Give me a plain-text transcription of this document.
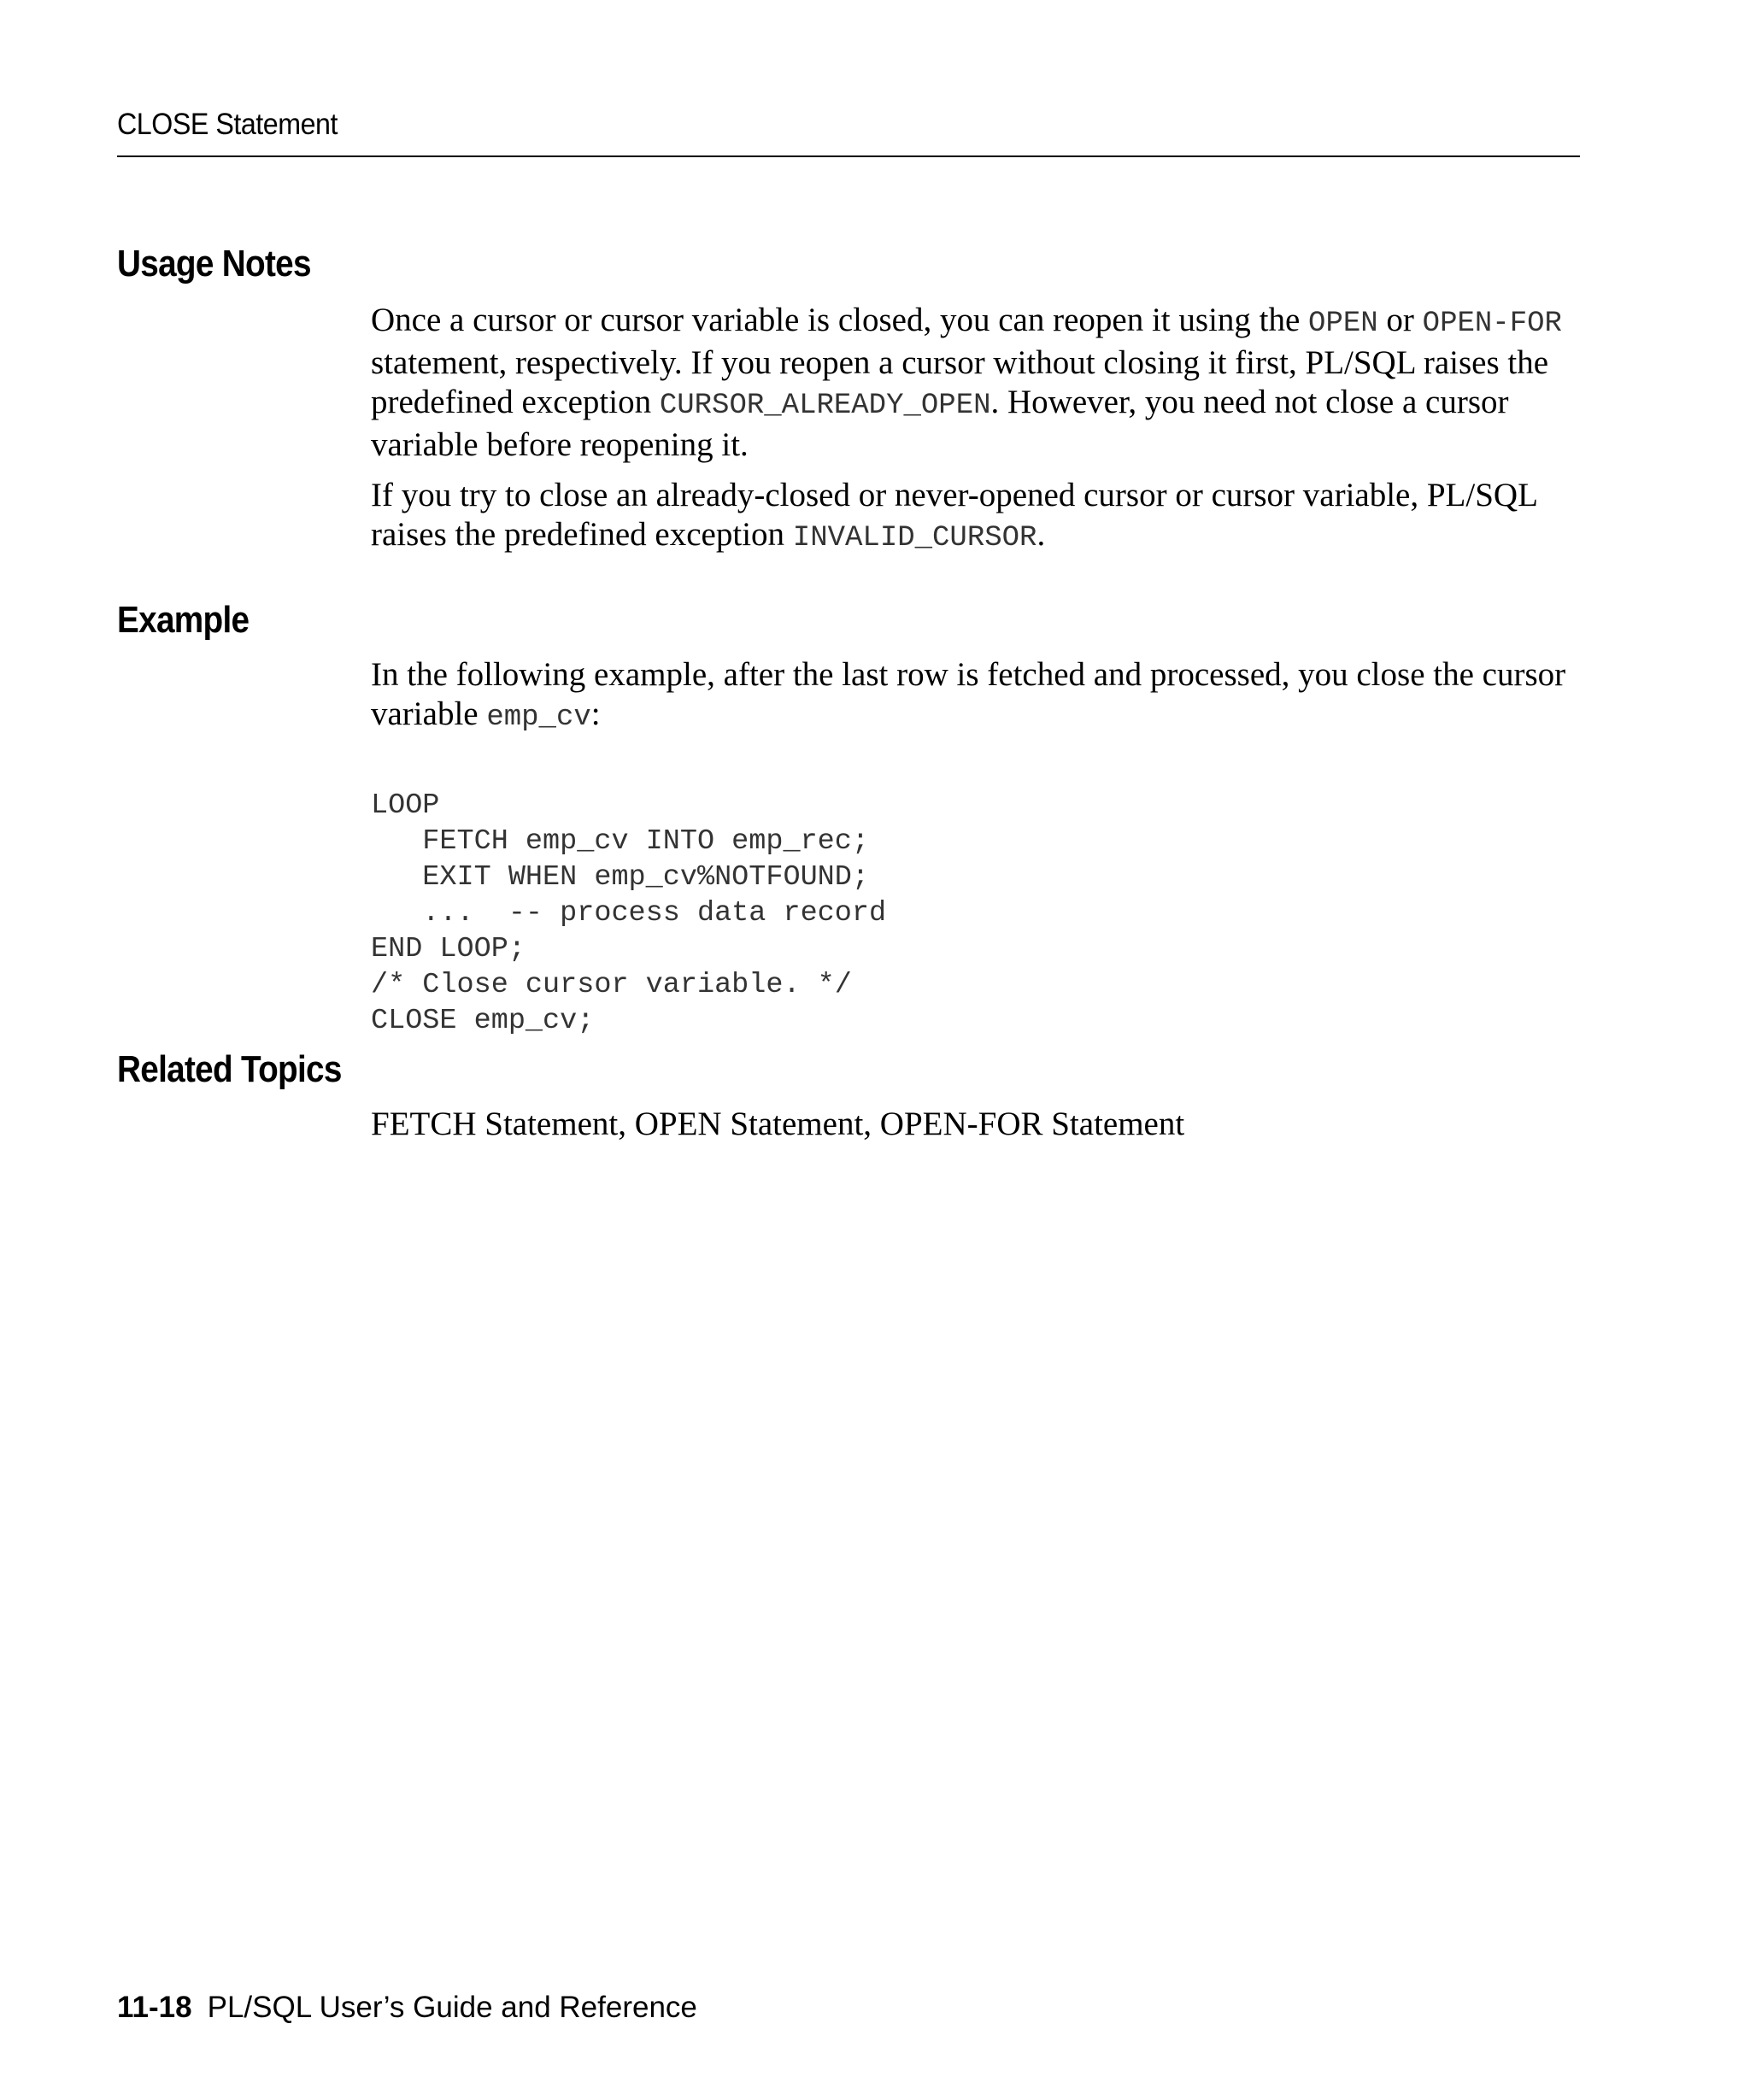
CLOSE Statement
Usage Notes

Once a cursor or cursor variable is closed, you can reopen it using the OPEN or OPEN-FOR statement, respectively. If you reopen a cursor without closing it first, PL/SQL raises the predefined exception CURSOR_ALREADY_OPEN. However, you need not close a cursor variable before reopening it.

If you try to close an already-closed or never-opened cursor or cursor variable, PL/SQL raises the predefined exception INVALID_CURSOR.

Example

In the following example, after the last row is fetched and processed, you close the cursor variable emp_cv:

LOOP
FETCH emp_cv INTO emp_rec;
EXIT WHEN emp_cv%NOTFOUND;
...  -- process data record
END LOOP;
/* Close cursor variable. */
CLOSE emp_cv;

Related Topics

FETCH Statement, OPEN Statement, OPEN-FOR Statement

11-18 PL/SQL User’s Guide and Reference
